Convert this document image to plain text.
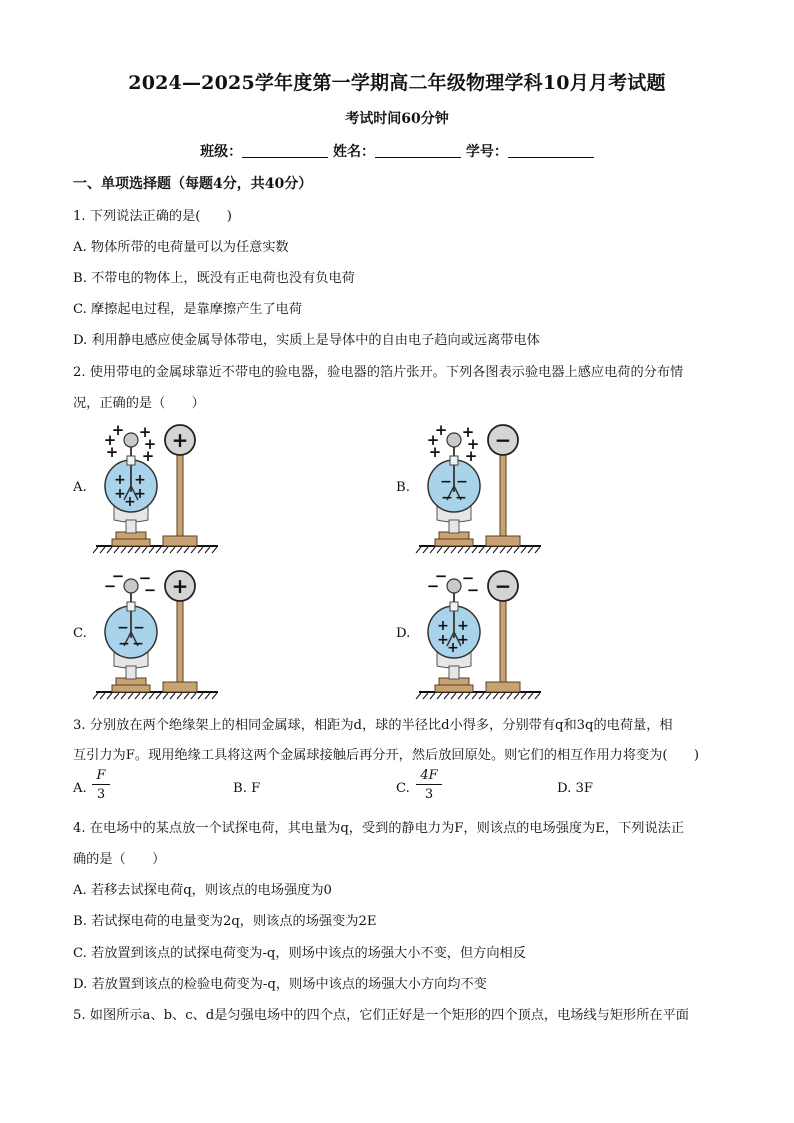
2024—2025学年度第一学期高二年级物理学科10月月考试题
考试时间60分钟
班级：	姓名：	学号：
一、单项选择题（每题4分，共40分）
1. 下列说法正确的是(　　)
A. 物体所带的电荷量可以为任意实数
B. 不带电的物体上，既没有正电荷也没有负电荷
C. 摩擦起电过程，是靠摩擦产生了电荷
D. 利用静电感应使金属导体带电，实质上是导体中的自由电子趋向或远离带电体
2. 使用带电的金属球靠近不带电的验电器，验电器的箔片张开。下列各图表示验电器上感应电荷的分布情
况，正确的是（　　）
A.	B.
C.	D.
+
+ +
+
+ +
+ +
+ +
+
+	+
+ +
+
+ +
− −
− −
−
−
− −
−
− −
− −
+	−
− −
−
+ +
+ +
+
−
3. 分别放在两个绝缘架上的相同金属球，相距为d，球的半径比d小得多，分别带有q和3q的电荷量，相
互引力为F。现用绝缘工具将这两个金属球接触后再分开，然后放回原处。则它们的相互作用力将变为(　　)
A.
F
3	B. F	C.
4F
3	D. 3F
4. 在电场中的某点放一个试探电荷，其电量为q，受到的静电力为F，则该点的电场强度为E，下列说法正
确的是（　　）
A. 若移去试探电荷q，则该点的电场强度为0
B. 若试探电荷的电量变为2q，则该点的场强变为2E
C. 若放置到该点的试探电荷变为-q，则场中该点的场强大小不变，但方向相反
D. 若放置到该点的检验电荷变为-q，则场中该点的场强大小方向均不变
5. 如图所示a、b、c、d是匀强电场中的四个点，它们正好是一个矩形的四个顶点，电场线与矩形所在平面
